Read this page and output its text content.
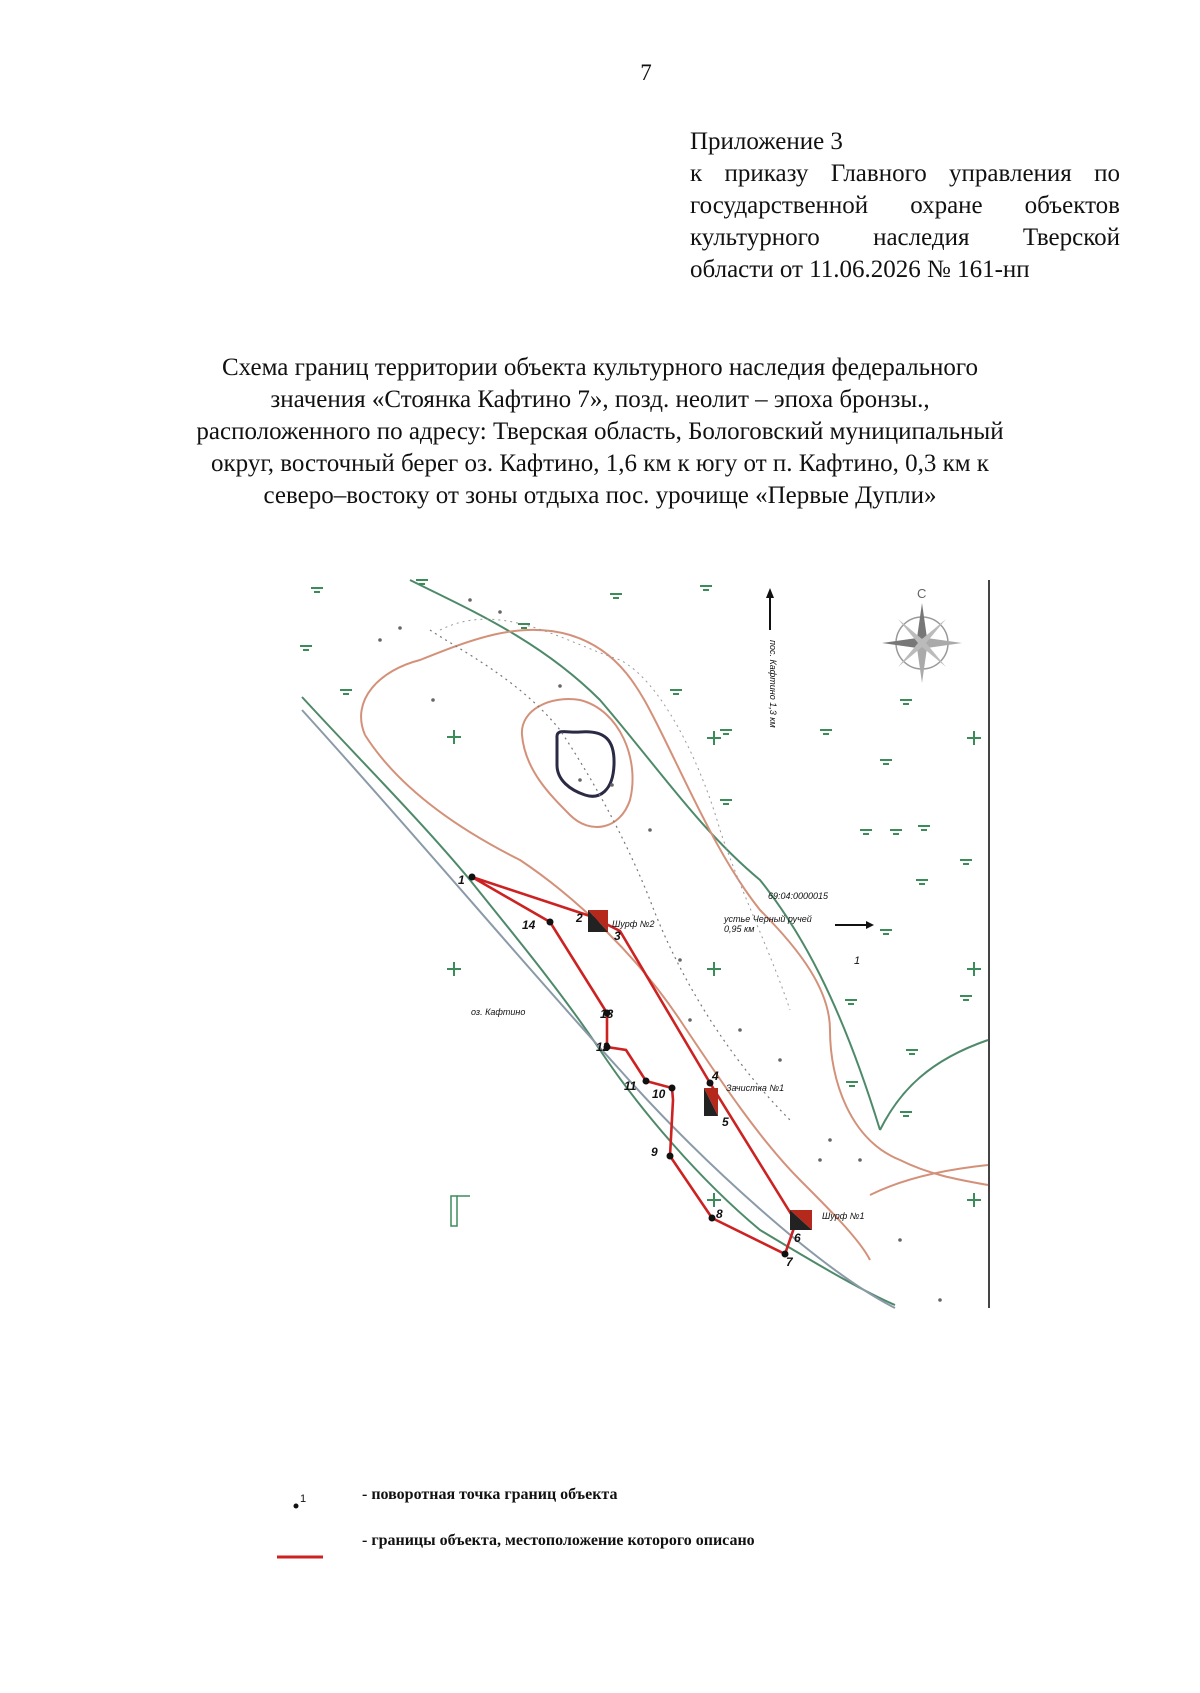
7
Приложение 3
к приказу Главного управления по
государственной охране объектов
культурного наследия Тверской
области от 11.06.2026 № 161-нп
Схема границ территории объекта культурного наследия федерального
значения «Стоянка Кафтино 7», позд. неолит – эпоха бронзы.,
расположенного по адресу: Тверская область, Бологовский муниципальный
округ, восточный берег оз. Кафтино, 1,6 км к югу от п. Кафтино, 0,3 км к
северо–востоку от зоны отдыха пос. урочище «Первые Дупли»
1
2
3
4
5
6
7
8
9
10
11
12
13
14	Шурф №2
Зачистка №1
Шурф №1
оз. Кафтино
69:04:0000015
устье Черный ручей
0,95 км
1
пос. Кафтино 1,3 км
С
1	- поворотная точка границ объекта
- границы объекта, местоположение которого описано
